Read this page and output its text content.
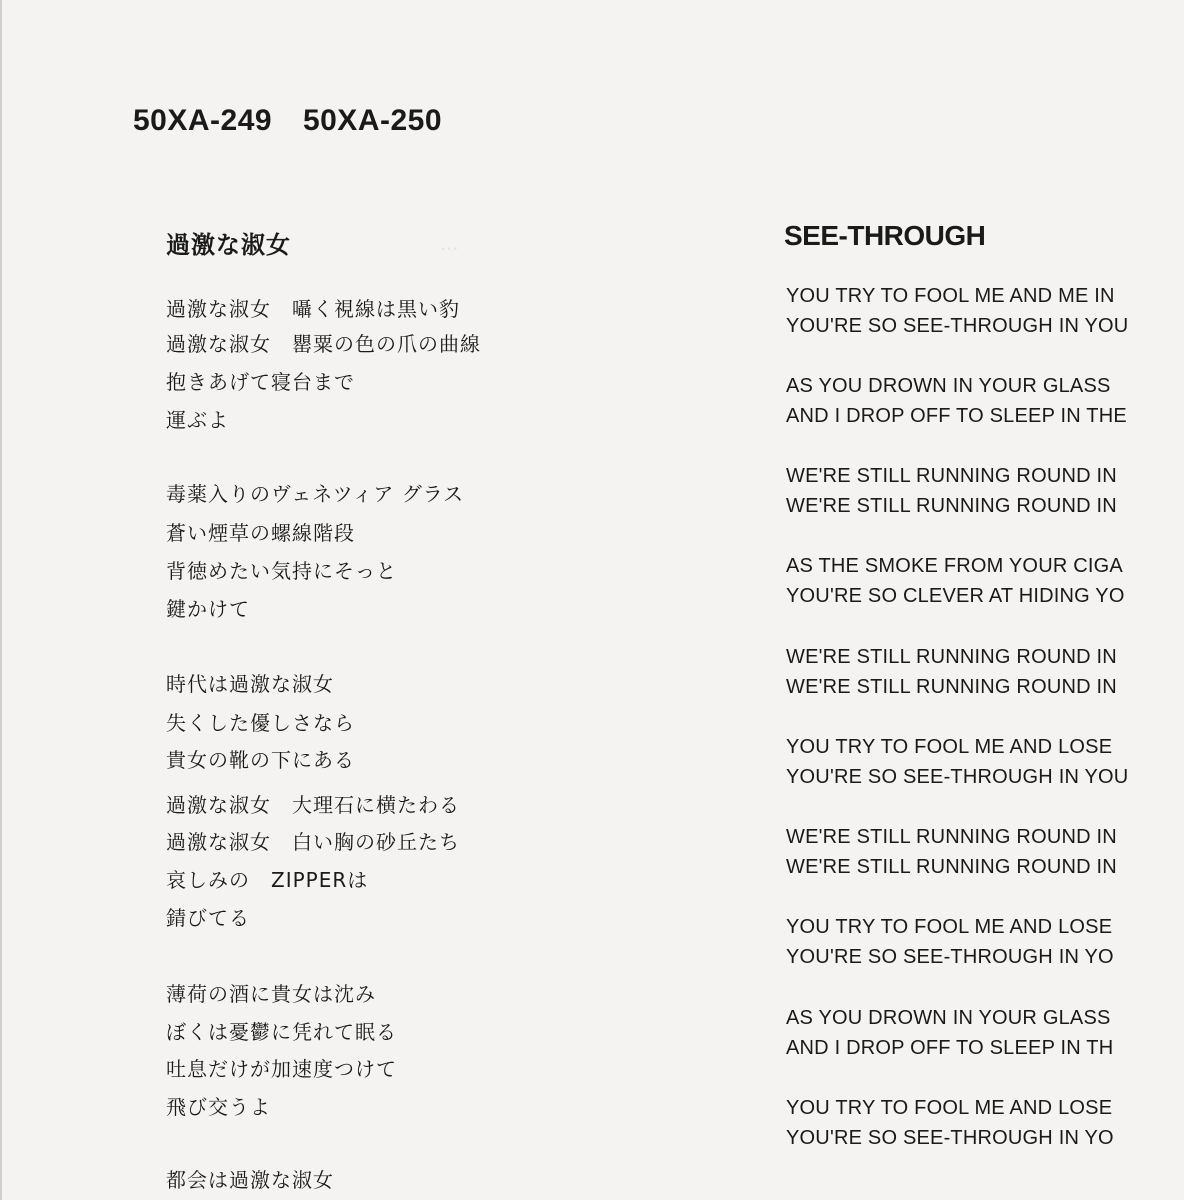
...

50XA-249 50XA-250

過激な淑女
過激な淑女　囁く視線は黒い豹
過激な淑女　罌粟の色の爪の曲線
抱きあげて寝台まで
運ぶよ
毒薬入りのヴェネツィア グラス
蒼い煙草の螺線階段
背徳めたい気持にそっと
鍵かけて
時代は過激な淑女
失くした優しさなら
貴女の靴の下にある
過激な淑女　大理石に横たわる
過激な淑女　白い胸の砂丘たち
哀しみの　ZIPPERは
錆びてる
薄荷の酒に貴女は沈み
ぼくは憂鬱に凭れて眠る
吐息だけが加速度つけて
飛び交うよ
都会は過激な淑女
SEE-THROUGH
YOU TRY TO FOOL ME AND ME IN
YOU'RE SO SEE-THROUGH IN YOU
AS YOU DROWN IN YOUR GLASS
AND I DROP OFF TO SLEEP IN THE
WE'RE STILL RUNNING ROUND IN
WE'RE STILL RUNNING ROUND IN
AS THE SMOKE FROM YOUR CIGA
YOU'RE SO CLEVER AT HIDING YO
WE'RE STILL RUNNING ROUND IN
WE'RE STILL RUNNING ROUND IN
YOU TRY TO FOOL ME AND LOSE
YOU'RE SO SEE-THROUGH IN YOU
WE'RE STILL RUNNING ROUND IN
WE'RE STILL RUNNING ROUND IN
YOU TRY TO FOOL ME AND LOSE
YOU'RE SO SEE-THROUGH IN YO
AS YOU DROWN IN YOUR GLASS
AND I DROP OFF TO SLEEP IN TH
YOU TRY TO FOOL ME AND LOSE
YOU'RE SO SEE-THROUGH IN YO
